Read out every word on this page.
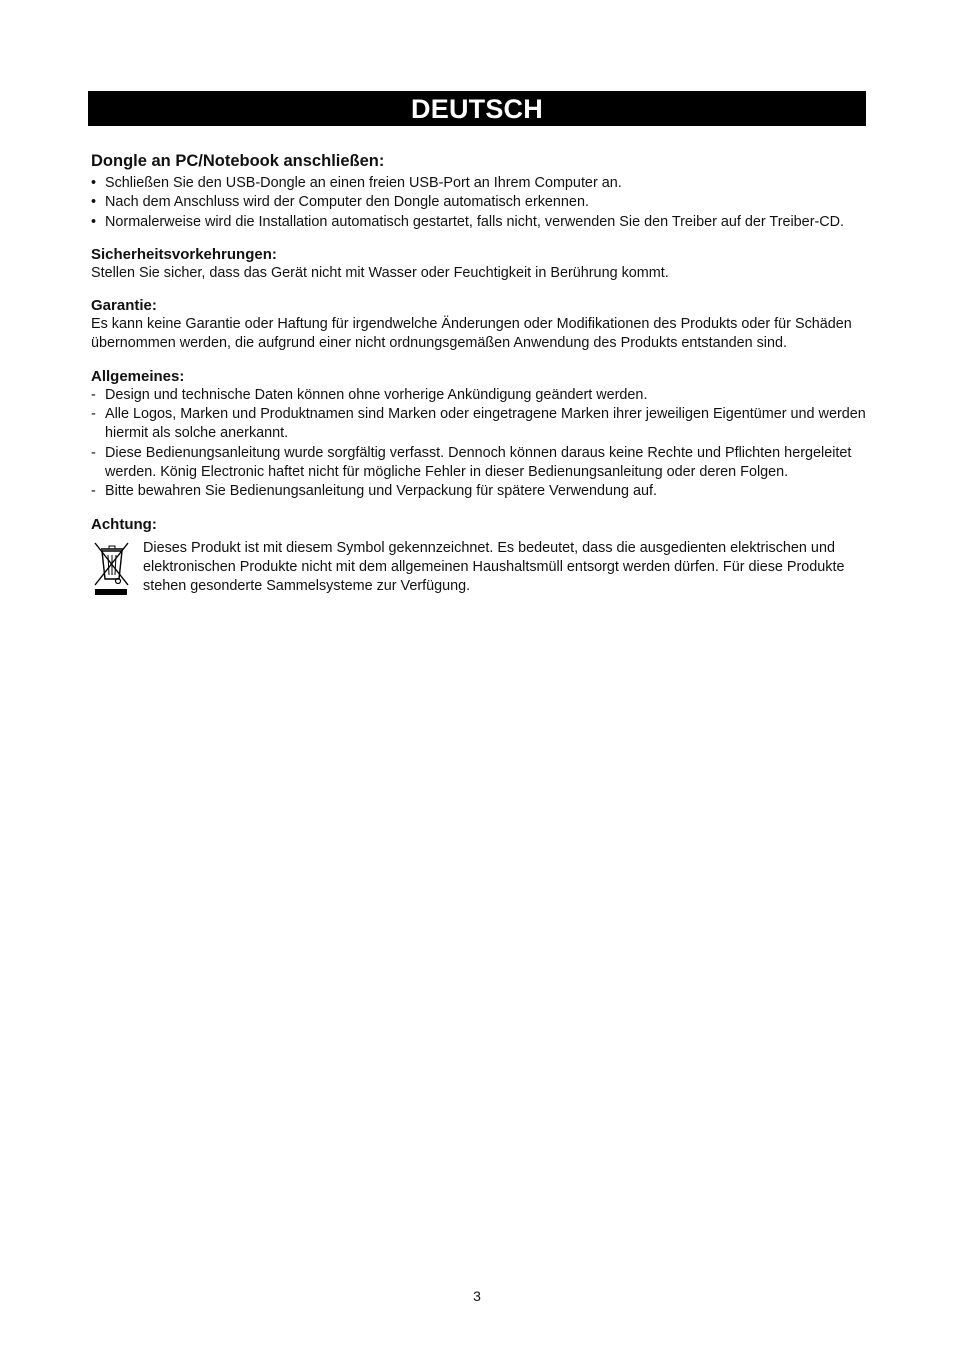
DEUTSCH
Dongle an PC/Notebook anschließen:
• Schließen Sie den USB-Dongle an einen freien USB-Port an Ihrem Computer an.
• Nach dem Anschluss wird der Computer den Dongle automatisch erkennen.
• Normalerweise wird die Installation automatisch gestartet, falls nicht, verwenden Sie den Treiber auf der Treiber-CD.
Sicherheitsvorkehrungen:

Stellen Sie sicher, dass das Gerät nicht mit Wasser oder Feuchtigkeit in Berührung kommt.

Garantie:

Es kann keine Garantie oder Haftung für irgendwelche Änderungen oder Modifikationen des Produkts oder für Schäden übernommen werden, die aufgrund einer nicht ordnungsgemäßen Anwendung des Produkts entstanden sind.

Allgemeines:
- Design und technische Daten können ohne vorherige Ankündigung geändert werden.
- Alle Logos, Marken und Produktnamen sind Marken oder eingetragene Marken ihrer jeweiligen Eigentümer und werden hiermit als solche anerkannt.
- Diese Bedienungsanleitung wurde sorgfältig verfasst. Dennoch können daraus keine Rechte und Pflichten hergeleitet werden. König Electronic haftet nicht für mögliche Fehler in dieser Bedienungsanleitung oder deren Folgen.
- Bitte bewahren Sie Bedienungsanleitung und Verpackung für spätere Verwendung auf.
Achtung:

Dieses Produkt ist mit diesem Symbol gekennzeichnet. Es bedeutet, dass die ausgedienten elektrischen und elektronischen Produkte nicht mit dem allgemeinen Haushaltsmüll entsorgt werden dürfen. Für diese Produkte stehen gesonderte Sammelsysteme zur Verfügung.

3
